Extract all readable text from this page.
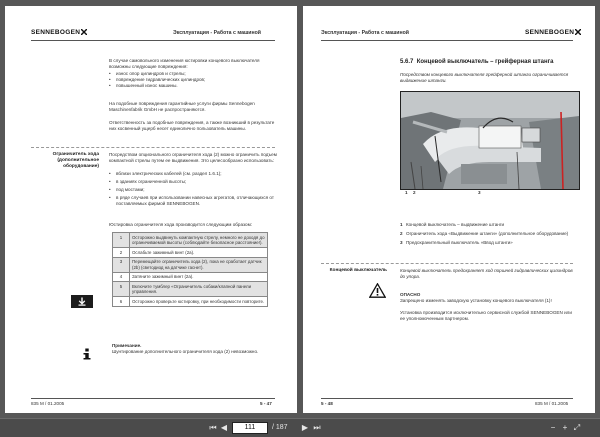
SENNEBOGEN	Эксплуатация - Работа с машиной
В случае самовольного изменения юстировки концевого выключателя возможны следующие повреждения:
• износ опор цилиндров и стрелы;
• повреждение гидравлических цилиндров;
• повышенный износ машины.
На подобные повреждения гарантийные услуги фирмы Sennebogen Maschinenfabrik GmbH не распространяются.
Ответственность за подобные повреждения, а также возникший в результате них косвенный ущерб несет единолично пользователь машины.
Ограничитель хода (дополнительное оборудование)
Посредством опционального ограничителя хода (2) можно ограничить подъем компактной стрелы путем ее выдвижения. Это целесообразно использовать:
• вблизи электрических кабелей (см. раздел 1.6.1);
• в зданиях ограниченной высоты;
• под мостами;
• в ряде случаев при использовании навесных агрегатов, отличающихся от поставляемых фирмой SENNEBOGEN.
Юстировка ограничителя хода производится следующим образом:
1	Осторожно выдвинуть компактную стрелу, немного не доходя до ограничиваемой высоты (соблюдайте безопасное расстояние!).
2	Ослабьте зажимный винт (2a).
3	Перемещайте ограничитель хода (2), пока не сработает датчик (2b) (светодиод на датчике гаснет).
4	Затяните зажимный винт (2a).
5	Включите тумблер «Ограничитель собаки/клапной панели управления.
6	Осторожно проверьте юстировку, при необходимости повторите.
Примечание.
Шунтирование дополнительного ограничителя хода (2) невозможно.
835 M / 01.2005	5 - 47
Эксплуатация - Работа с машиной	SENNEBOGEN
5.6.7 Концевой выключатель – грейферная штанга
Посредством концевого выключателя грейферной штанги ограничивается выдвижение штанги.
1 2	3
1 Концевой выключатель – выдвижение штанги
2 Ограничитель хода «Выдвижение штанги» (дополнительное оборудование)
3 Предохранительный выключатель «Ввод штанги»
Концевой выключатель	Концевой выключатель предохраняет ход поршней гидравлических цилиндров до упора.
ОПАСНО
Запрещено изменять заводскую установку концевого выключателя (1)!
Установка производится исключительно сервисной службой SENNEBOGEN или ее уполномоченным партнером.
5 - 48	835 M / 01.2005
⏮ ◀	111	/ 187 ▶ ⏭	− + ⤢
